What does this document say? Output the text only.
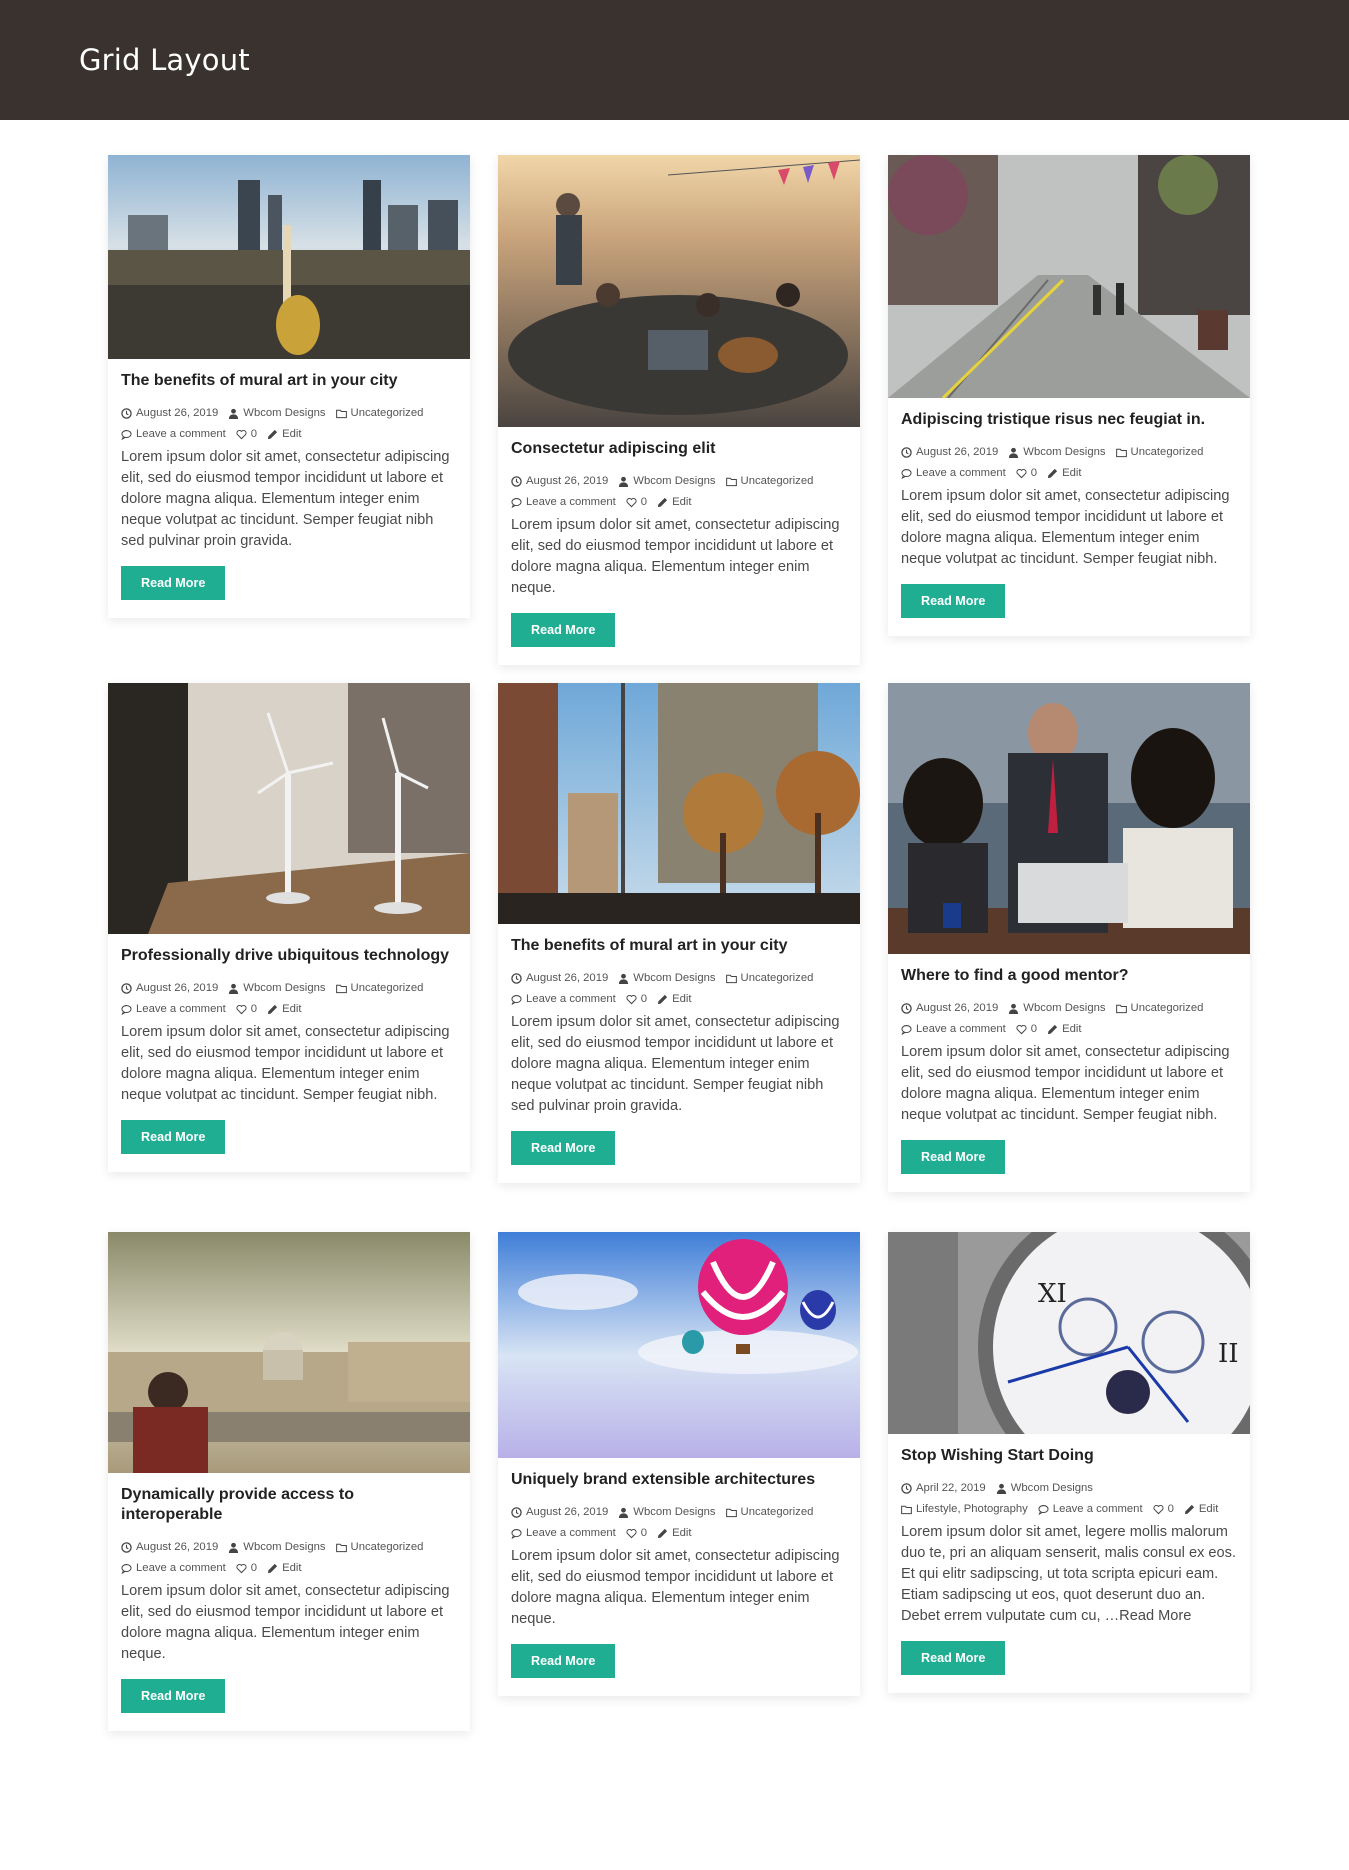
Grid Layout
The benefits of mural art in your city
August 26, 2019 Wbcom Designs Uncategorized
Leave a comment 0 Edit

Lorem ipsum dolor sit amet, consectetur adipiscing elit, sed do eiusmod tempor incididunt ut labore et dolore magna aliqua. Elementum integer enim neque volutpat ac tincidunt. Semper feugiat nibh sed pulvinar proin gravida.

Read More
Consectetur adipiscing elit
August 26, 2019 Wbcom Designs Uncategorized
Leave a comment 0 Edit

Lorem ipsum dolor sit amet, consectetur adipiscing elit, sed do eiusmod tempor incididunt ut labore et dolore magna aliqua. Elementum integer enim neque.

Read More
Adipiscing tristique risus nec feugiat in.
August 26, 2019 Wbcom Designs Uncategorized
Leave a comment 0 Edit

Lorem ipsum dolor sit amet, consectetur adipiscing elit, sed do eiusmod tempor incididunt ut labore et dolore magna aliqua. Elementum integer enim neque volutpat ac tincidunt. Semper feugiat nibh.

Read More
Professionally drive ubiquitous technology
August 26, 2019 Wbcom Designs Uncategorized
Leave a comment 0 Edit

Lorem ipsum dolor sit amet, consectetur adipiscing elit, sed do eiusmod tempor incididunt ut labore et dolore magna aliqua. Elementum integer enim neque volutpat ac tincidunt. Semper feugiat nibh.

Read More
The benefits of mural art in your city
August 26, 2019 Wbcom Designs Uncategorized
Leave a comment 0 Edit

Lorem ipsum dolor sit amet, consectetur adipiscing elit, sed do eiusmod tempor incididunt ut labore et dolore magna aliqua. Elementum integer enim neque volutpat ac tincidunt. Semper feugiat nibh sed pulvinar proin gravida.

Read More
Where to find a good mentor?
August 26, 2019 Wbcom Designs Uncategorized
Leave a comment 0 Edit

Lorem ipsum dolor sit amet, consectetur adipiscing elit, sed do eiusmod tempor incididunt ut labore et dolore magna aliqua. Elementum integer enim neque volutpat ac tincidunt. Semper feugiat nibh.

Read More
Dynamically provide access to interoperable
August 26, 2019 Wbcom Designs Uncategorized
Leave a comment 0 Edit

Lorem ipsum dolor sit amet, consectetur adipiscing elit, sed do eiusmod tempor incididunt ut labore et dolore magna aliqua. Elementum integer enim neque.

Read More
Uniquely brand extensible architectures
August 26, 2019 Wbcom Designs Uncategorized
Leave a comment 0 Edit

Lorem ipsum dolor sit amet, consectetur adipiscing elit, sed do eiusmod tempor incididunt ut labore et dolore magna aliqua. Elementum integer enim neque.

Read More
XI
II
Stop Wishing Start Doing
April 22, 2019 Wbcom Designs
Lifestyle, Photography Leave a comment 0 Edit

Lorem ipsum dolor sit amet, legere mollis malorum duo te, pri an aliquam senserit, malis consul ex eos. Et qui elitr sadipscing, ut tota scripta epicuri eam. Etiam sadipscing ut eos, quot deserunt duo an. Debet errem vulputate cum cu, …Read More

Read More
